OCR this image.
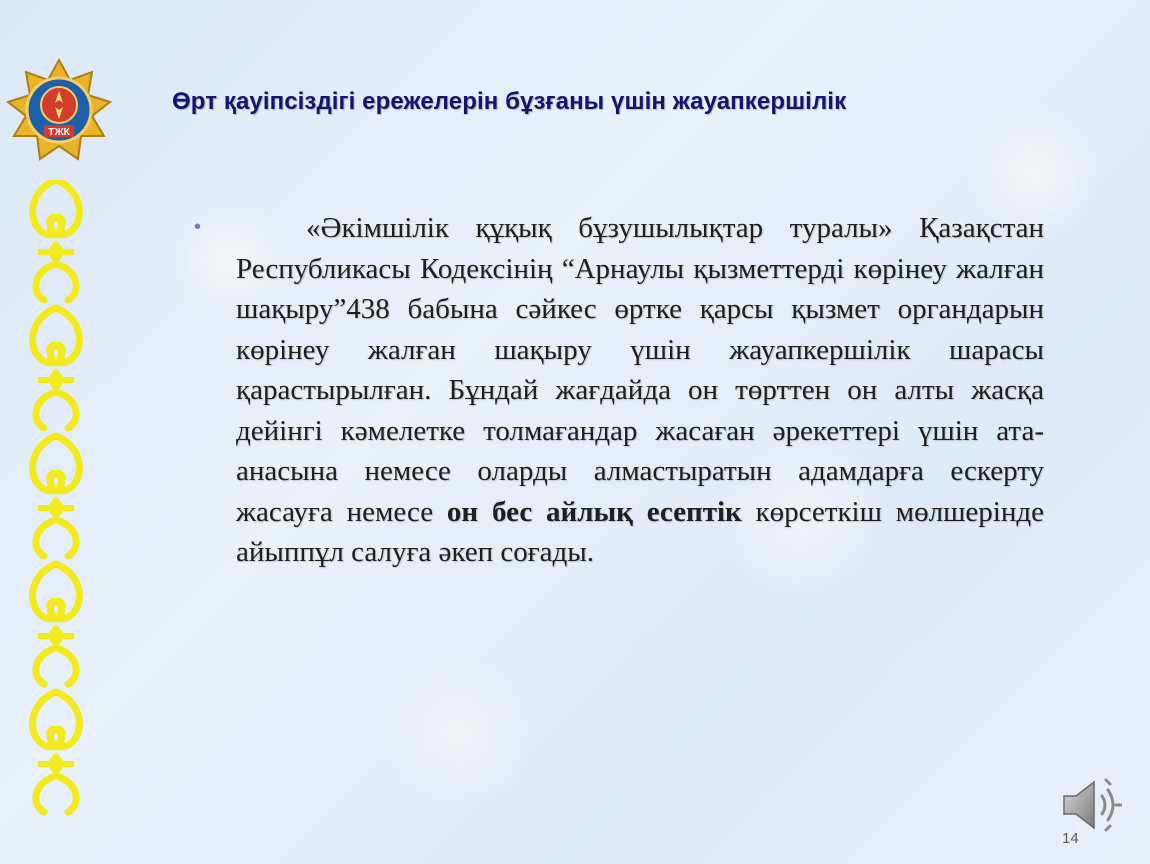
ТЖК
Өрт қауіпсіздігі ережелерін бұзғаны үшін жауапкершілік
•	«Әкімшілік құқық бұзушылықтар туралы» Қазақстан Республикасы Кодексінің “Арнаулы қызметтерді көрінеу жалған шақыру”438 бабына сәйкес өртке қарсы қызмет органдарын көрінеу жалған шақыру үшін жауапкершілік шарасы қарастырылған. Бұндай жағдайда он төрттен он алты жасқа дейінгі кәмелетке толмағандар жасаған әрекеттері үшін ата-анасына немесе оларды алмастыратын адамдарға ескерту жасауға немесе он бес айлық есептік көрсеткіш мөлшерінде айыппұл салуға әкеп соғады.
14
